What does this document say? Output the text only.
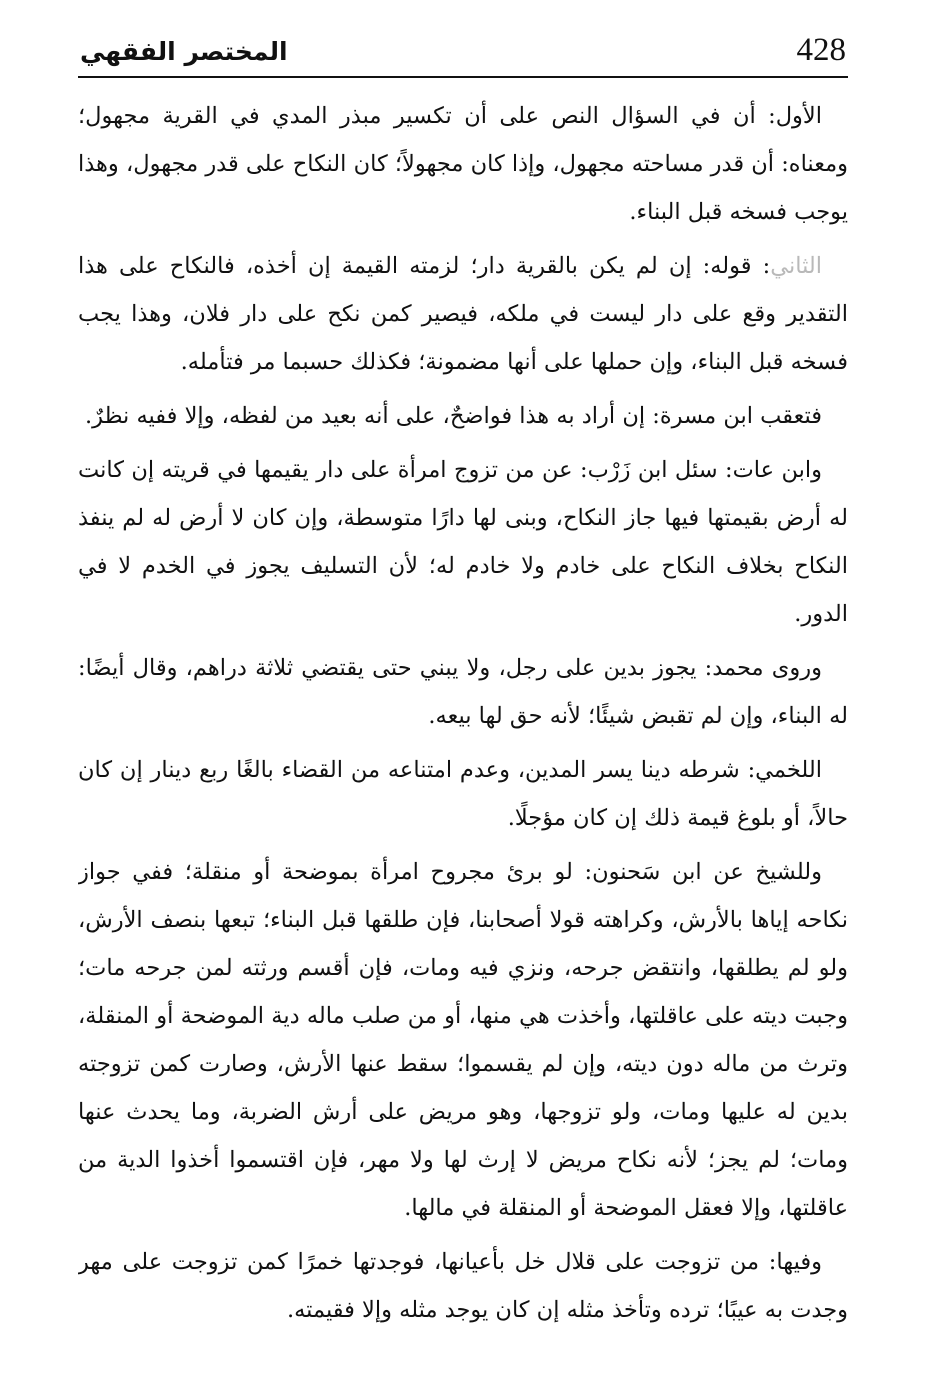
428
المختصر الفقهي

الأول: أن في السؤال النص على أن تكسير مبذر المدي في القرية مجهول؛ ومعناه: أن قدر مساحته مجهول، وإذا كان مجهولاً؛ كان النكاح على قدر مجهول، وهذا يوجب فسخه قبل البناء.

الثاني: قوله: إن لم يكن بالقرية دار؛ لزمته القيمة إن أخذه، فالنكاح على هذا التقدير وقع على دار ليست في ملكه، فيصير كمن نكح على دار فلان، وهذا يجب فسخه قبل البناء، وإن حملها على أنها مضمونة؛ فكذلك حسبما مر فتأمله.

فتعقب ابن مسرة: إن أراد به هذا فواضحٌ، على أنه بعيد من لفظه، وإلا ففيه نظرٌ.

وابن عات: سئل ابن زَرْب: عن من تزوج امرأة على دار يقيمها في قريته إن كانت له أرض بقيمتها فيها جاز النكاح، وبنى لها دارًا متوسطة، وإن كان لا أرض له لم ينفذ النكاح بخلاف النكاح على خادم ولا خادم له؛ لأن التسليف يجوز في الخدم لا في الدور.

وروى محمد: يجوز بدين على رجل، ولا يبني حتى يقتضي ثلاثة دراهم، وقال أيضًا: له البناء، وإن لم تقبض شيئًا؛ لأنه حق لها بيعه.

اللخمي: شرطه دينا يسر المدين، وعدم امتناعه من القضاء بالغًا ربع دينار إن كان حالاً، أو بلوغ قيمة ذلك إن كان مؤجلًا.

وللشيخ عن ابن سَحنون: لو برئ مجروح امرأة بموضحة أو منقلة؛ ففي جواز نكاحه إياها بالأرش، وكراهته قولا أصحابنا، فإن طلقها قبل البناء؛ تبعها بنصف الأرش، ولو لم يطلقها، وانتقض جرحه، ونزي فيه ومات، فإن أقسم ورثته لمن جرحه مات؛ وجبت ديته على عاقلتها، وأخذت هي منها، أو من صلب ماله دية الموضحة أو المنقلة، وترث من ماله دون ديته، وإن لم يقسموا؛ سقط عنها الأرش، وصارت كمن تزوجته بدين له عليها ومات، ولو تزوجها، وهو مريض على أرش الضربة، وما يحدث عنها ومات؛ لم يجز؛ لأنه نكاح مريض لا إرث لها ولا مهر، فإن اقتسموا أخذوا الدية من عاقلتها، وإلا فعقل الموضحة أو المنقلة في مالها.

وفيها: من تزوجت على قلال خل بأعيانها، فوجدتها خمرًا كمن تزوجت على مهر وجدت به عيبًا؛ ترده وتأخذ مثله إن كان يوجد مثله وإلا فقيمته.
